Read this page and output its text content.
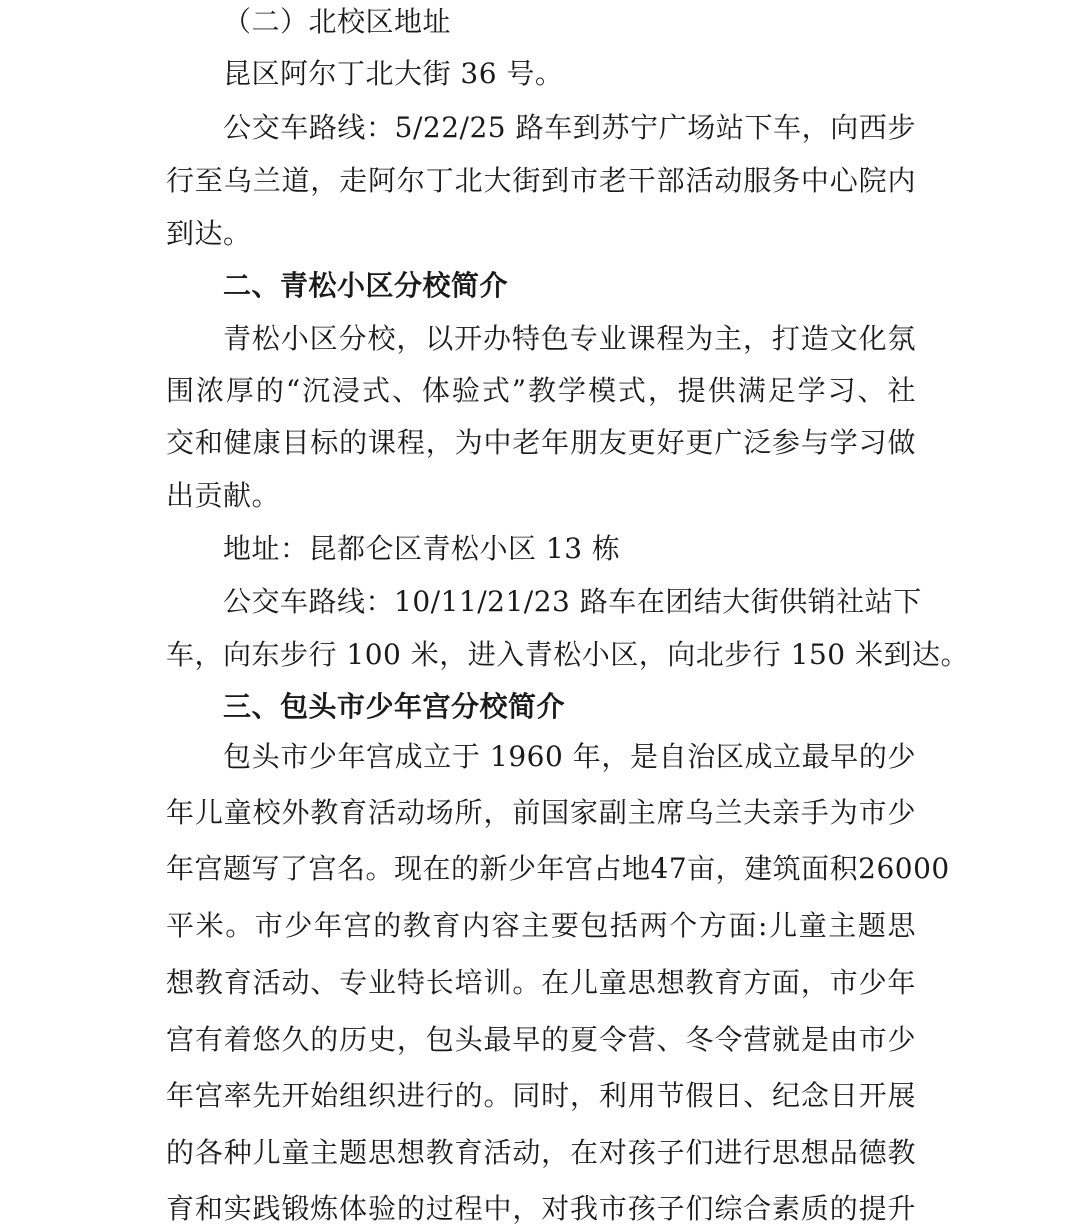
（二）北校区地址
昆区阿尔丁北大街 36 号。
公交车路线：5/22/25 路车到苏宁广场站下车，向西步
行至乌兰道，走阿尔丁北大街到市老干部活动服务中心院内
到达。
二、青松小区分校简介
青松小区分校，以开办特色专业课程为主，打造文化氛
围浓厚的“沉浸式、体验式”教学模式，提供满足学习、社
交和健康目标的课程，为中老年朋友更好更广泛参与学习做
出贡献。
地址：昆都仑区青松小区 13 栋
公交车路线：10/11/21/23 路车在团结大街供销社站下
车，向东步行 100 米，进入青松小区，向北步行 150 米到达。
三、包头市少年宫分校简介
包头市少年宫成立于 1960 年，是自治区成立最早的少
年儿童校外教育活动场所，前国家副主席乌兰夫亲手为市少
年宫题写了宫名。现在的新少年宫占地47亩，建筑面积26000
平米。市少年宫的教育内容主要包括两个方面:儿童主题思
想教育活动、专业特长培训。在儿童思想教育方面，市少年
宫有着悠久的历史，包头最早的夏令营、冬令营就是由市少
年宫率先开始组织进行的。同时，利用节假日、纪念日开展
的各种儿童主题思想教育活动，在对孩子们进行思想品德教
育和实践锻炼体验的过程中，对我市孩子们综合素质的提升
